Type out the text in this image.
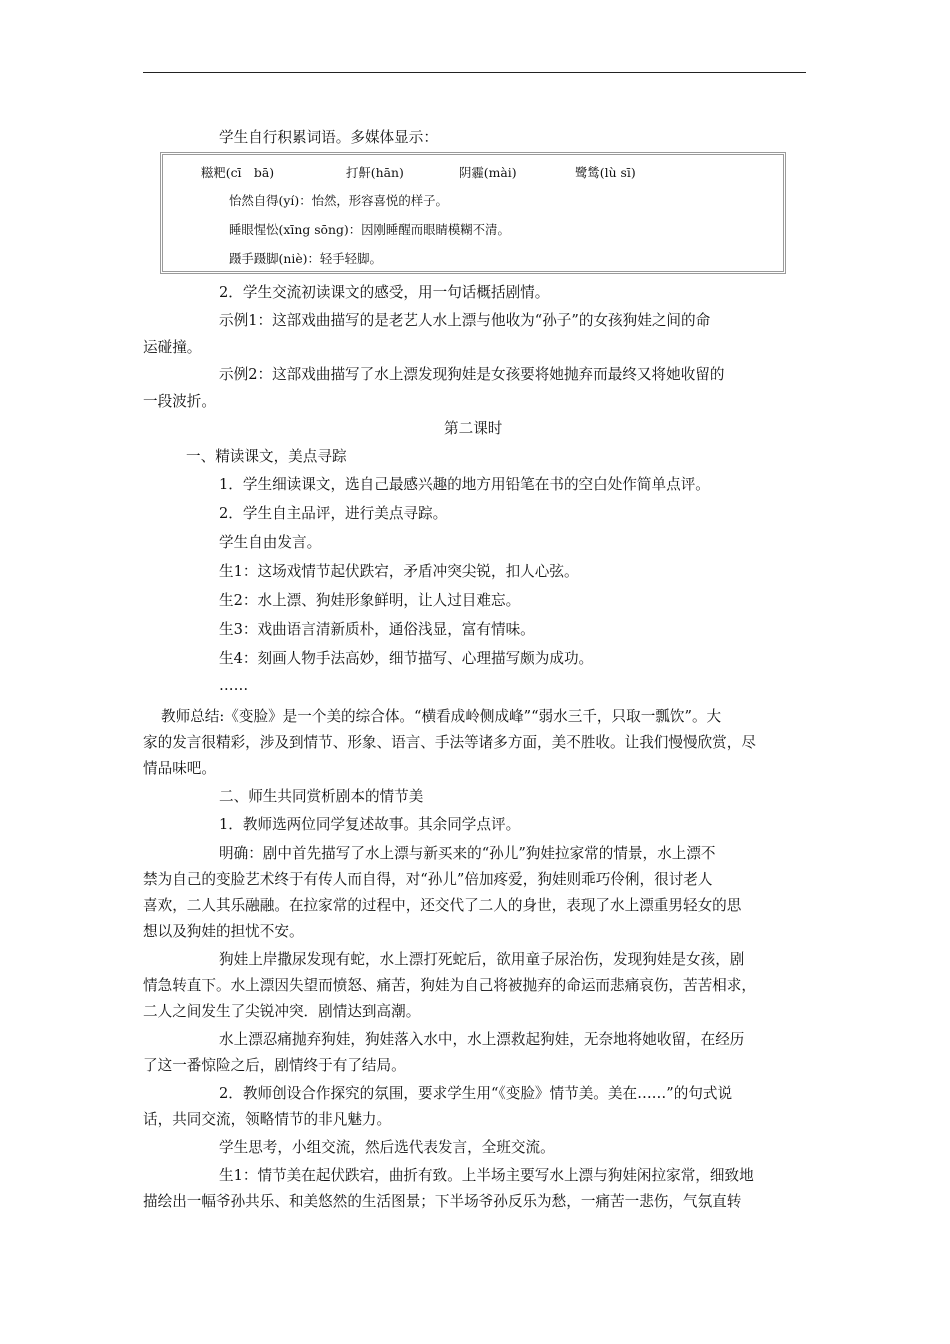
学生自行积累词语。多媒体显示：
糍粑(cī　bā)	打鼾(hān)	阴霾(mài)	鹭鸶(lù sī)
怡然自得(yí)：怡然，形容喜悦的样子。
睡眼惺忪(xīng sōng)：因刚睡醒而眼睛模糊不清。
蹑手蹑脚(niè)：轻手轻脚。
2．学生交流初读课文的感受，用一句话概括剧情。
示例1：这部戏曲描写的是老艺人水上漂与他收为“孙子”的女孩狗娃之间的命
运碰撞。
示例2：这部戏曲描写了水上漂发现狗娃是女孩要将她抛弃而最终又将她收留的
一段波折。
第二课时
一、精读课文，美点寻踪
1．学生细读课文，选自己最感兴趣的地方用铅笔在书的空白处作简单点评。
2．学生自主品评，进行美点寻踪。
学生自由发言。
生1：这场戏情节起伏跌宕，矛盾冲突尖锐，扣人心弦。
生2：水上漂、狗娃形象鲜明，让人过目难忘。
生3：戏曲语言清新质朴，通俗浅显，富有情味。
生4：刻画人物手法高妙，细节描写、心理描写颇为成功。
……
教师总结:《变脸》是一个美的综合体。“横看成岭侧成峰”“弱水三千，只取一瓢饮”。大
家的发言很精彩，涉及到情节、形象、语言、手法等诸多方面，美不胜收。让我们慢慢欣赏，尽
情品味吧。
二、师生共同赏析剧本的情节美
1．教师选两位同学复述故事。其余同学点评。
明确：剧中首先描写了水上漂与新买来的“孙儿”狗娃拉家常的情景，水上漂不
禁为自己的变脸艺术终于有传人而自得，对“孙儿”倍加疼爱，狗娃则乖巧伶俐，很讨老人
喜欢，二人其乐融融。在拉家常的过程中，还交代了二人的身世，表现了水上漂重男轻女的思
想以及狗娃的担忧不安。
狗娃上岸撒尿发现有蛇，水上漂打死蛇后，欲用童子尿治伤，发现狗娃是女孩，剧
情急转直下。水上漂因失望而愤怒、痛苦，狗娃为自己将被抛弃的命运而悲痛哀伤，苦苦相求，
二人之间发生了尖锐冲突．剧情达到高潮。
水上漂忍痛抛弃狗娃，狗娃落入水中，水上漂救起狗娃，无奈地将她收留，在经历
了这一番惊险之后，剧情终于有了结局。
2．教师创设合作探究的氛围，要求学生用“《变脸》情节美。美在……”的句式说
话，共同交流，领略情节的非凡魅力。
学生思考，小组交流，然后选代表发言，全班交流。
生1：情节美在起伏跌宕，曲折有致。上半场主要写水上漂与狗娃闲拉家常，细致地
描绘出一幅爷孙共乐、和美悠然的生活图景；下半场爷孙反乐为愁，一痛苦一悲伤，气氛直转
